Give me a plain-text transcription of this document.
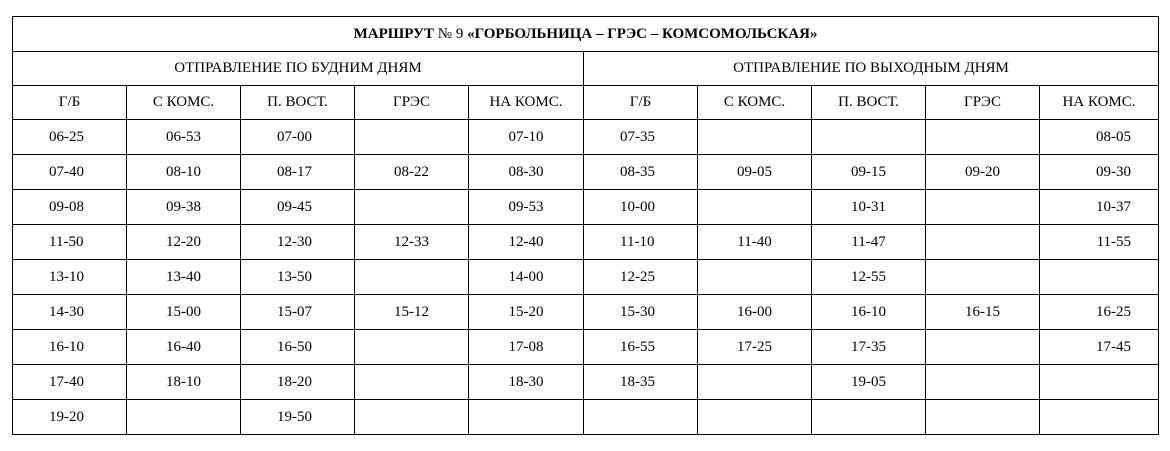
МАРШРУТ № 9 «ГОРБОЛЬНИЦА – ГРЭС – КОМСОМОЛЬСКАЯ»									
ОТПРАВЛЕНИЕ ПО БУДНИМ ДНЯМ					ОТПРАВЛЕНИЕ ПО ВЫХОДНЫМ ДНЯМ				
Г/Б	С КОМС.	П. ВОСТ.	ГРЭС	НА КОМС.	Г/Б	С КОМС.	П. ВОСТ.	ГРЭС	НА КОМС.
06-25	06-53	07-00		07-10	07-35				08-05
07-40	08-10	08-17	08-22	08-30	08-35	09-05	09-15	09-20	09-30
09-08	09-38	09-45		09-53	10-00		10-31		10-37
11-50	12-20	12-30	12-33	12-40	11-10	11-40	11-47		11-55
13-10	13-40	13-50		14-00	12-25		12-55		
14-30	15-00	15-07	15-12	15-20	15-30	16-00	16-10	16-15	16-25
16-10	16-40	16-50		17-08	16-55	17-25	17-35		17-45
17-40	18-10	18-20		18-30	18-35		19-05		
19-20		19-50							
